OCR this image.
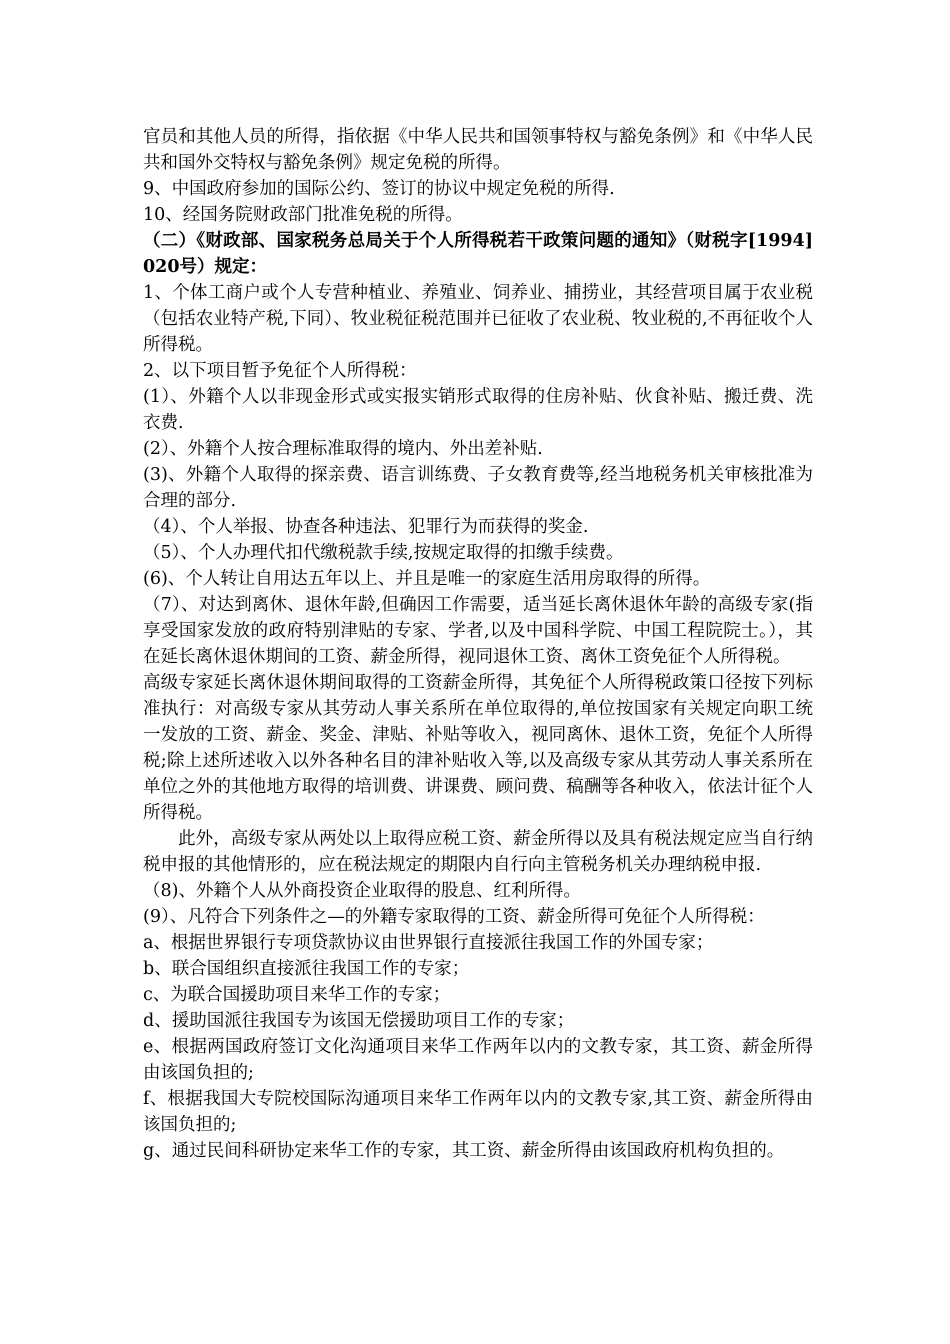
官员和其他人员的所得，指依据《中华人民共和国领事特权与豁免条例》和《中华人民共和国外交特权与豁免条例》规定免税的所得。

9、中国政府参加的国际公约、签订的协议中规定免税的所得.

10、经国务院财政部门批准免税的所得。

（二）《财政部、国家税务总局关于个人所得税若干政策问题的通知》（财税字[1994]020号）规定：

1、个体工商户或个人专营种植业、养殖业、饲养业、捕捞业，其经营项目属于农业税（包括农业特产税,下同）、牧业税征税范围并已征收了农业税、牧业税的,不再征收个人所得税。

2、以下项目暂予免征个人所得税：

(1）、外籍个人以非现金形式或实报实销形式取得的住房补贴、伙食补贴、搬迁费、洗衣费.

(2）、外籍个人按合理标准取得的境内、外出差补贴.

(3)、外籍个人取得的探亲费、语言训练费、子女教育费等,经当地税务机关审核批准为合理的部分.

（4）、个人举报、协查各种违法、犯罪行为而获得的奖金.

（5）、个人办理代扣代缴税款手续,按规定取得的扣缴手续费。

(6)、个人转让自用达五年以上、并且是唯一的家庭生活用房取得的所得。

（7）、对达到离休、退休年龄,但确因工作需要，适当延长离休退休年龄的高级专家(指享受国家发放的政府特别津贴的专家、学者,以及中国科学院、中国工程院院士。），其在延长离休退休期间的工资、薪金所得，视同退休工资、离休工资免征个人所得税。

高级专家延长离休退休期间取得的工资薪金所得，其免征个人所得税政策口径按下列标准执行：对高级专家从其劳动人事关系所在单位取得的,单位按国家有关规定向职工统一发放的工资、薪金、奖金、津贴、补贴等收入，视同离休、退休工资，免征个人所得税;除上述所述收入以外各种名目的津补贴收入等,以及高级专家从其劳动人事关系所在单位之外的其他地方取得的培训费、讲课费、顾问费、稿酬等各种收入，依法计征个人所得税。

此外，高级专家从两处以上取得应税工资、薪金所得以及具有税法规定应当自行纳税申报的其他情形的，应在税法规定的期限内自行向主管税务机关办理纳税申报.

（8)、外籍个人从外商投资企业取得的股息、红利所得。

(9）、凡符合下列条件之—的外籍专家取得的工资、薪金所得可免征个人所得税：

a、根据世界银行专项贷款协议由世界银行直接派往我国工作的外国专家；

b、联合国组织直接派往我国工作的专家；

c、为联合国援助项目来华工作的专家；

d、援助国派往我国专为该国无偿援助项目工作的专家；

e、根据两国政府签订文化沟通项目来华工作两年以内的文教专家，其工资、薪金所得由该国负担的;

f、根据我国大专院校国际沟通项目来华工作两年以内的文教专家,其工资、薪金所得由该国负担的;

g、通过民间科研协定来华工作的专家，其工资、薪金所得由该国政府机构负担的。
